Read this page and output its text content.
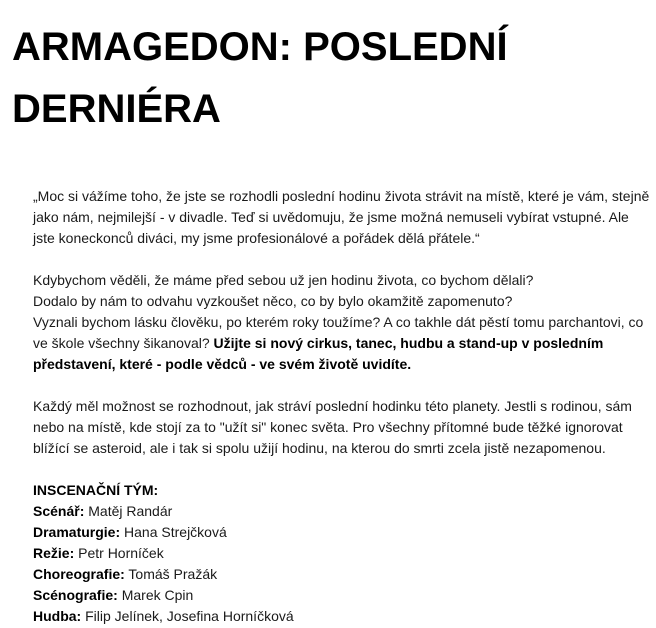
ARMAGEDON: POSLEDNÍ
DERNIÉRA

„Moc si vážíme toho, že jste se rozhodli poslední hodinu života strávit na místě, které je vám, stejně
jako nám, nejmilejší - v divadle. Teď si uvědomuju, že jsme možná nemuseli vybírat vstupné. Ale
jste koneckonců diváci, my jsme profesionálové a pořádek dělá přátele.“

Kdybychom věděli, že máme před sebou už jen hodinu života, co bychom dělali?
Dodalo by nám to odvahu vyzkoušet něco, co by bylo okamžitě zapomenuto?
Vyznali bychom lásku člověku, po kterém roky toužíme? A co takhle dát pěstí tomu parchantovi, co
ve škole všechny šikanoval? Užijte si nový cirkus, tanec, hudbu a stand-up v posledním
představení, které - podle vědců - ve svém životě uvidíte.

Každý měl možnost se rozhodnout, jak stráví poslední hodinku této planety. Jestli s rodinou, sám
nebo na místě, kde stojí za to "užít si" konec světa. Pro všechny přítomné bude těžké ignorovat
blížící se asteroid, ale i tak si spolu užijí hodinu, na kterou do smrti zcela jistě nezapomenou.

INSCENAČNÍ TÝM:
Scénář: Matěj Randár
Dramaturgie: Hana Strejčková
Režie: Petr Horníček
Choreografie: Tomáš Pražák
Scénografie: Marek Cpin
Hudba: Filip Jelínek, Josefina Horníčková
